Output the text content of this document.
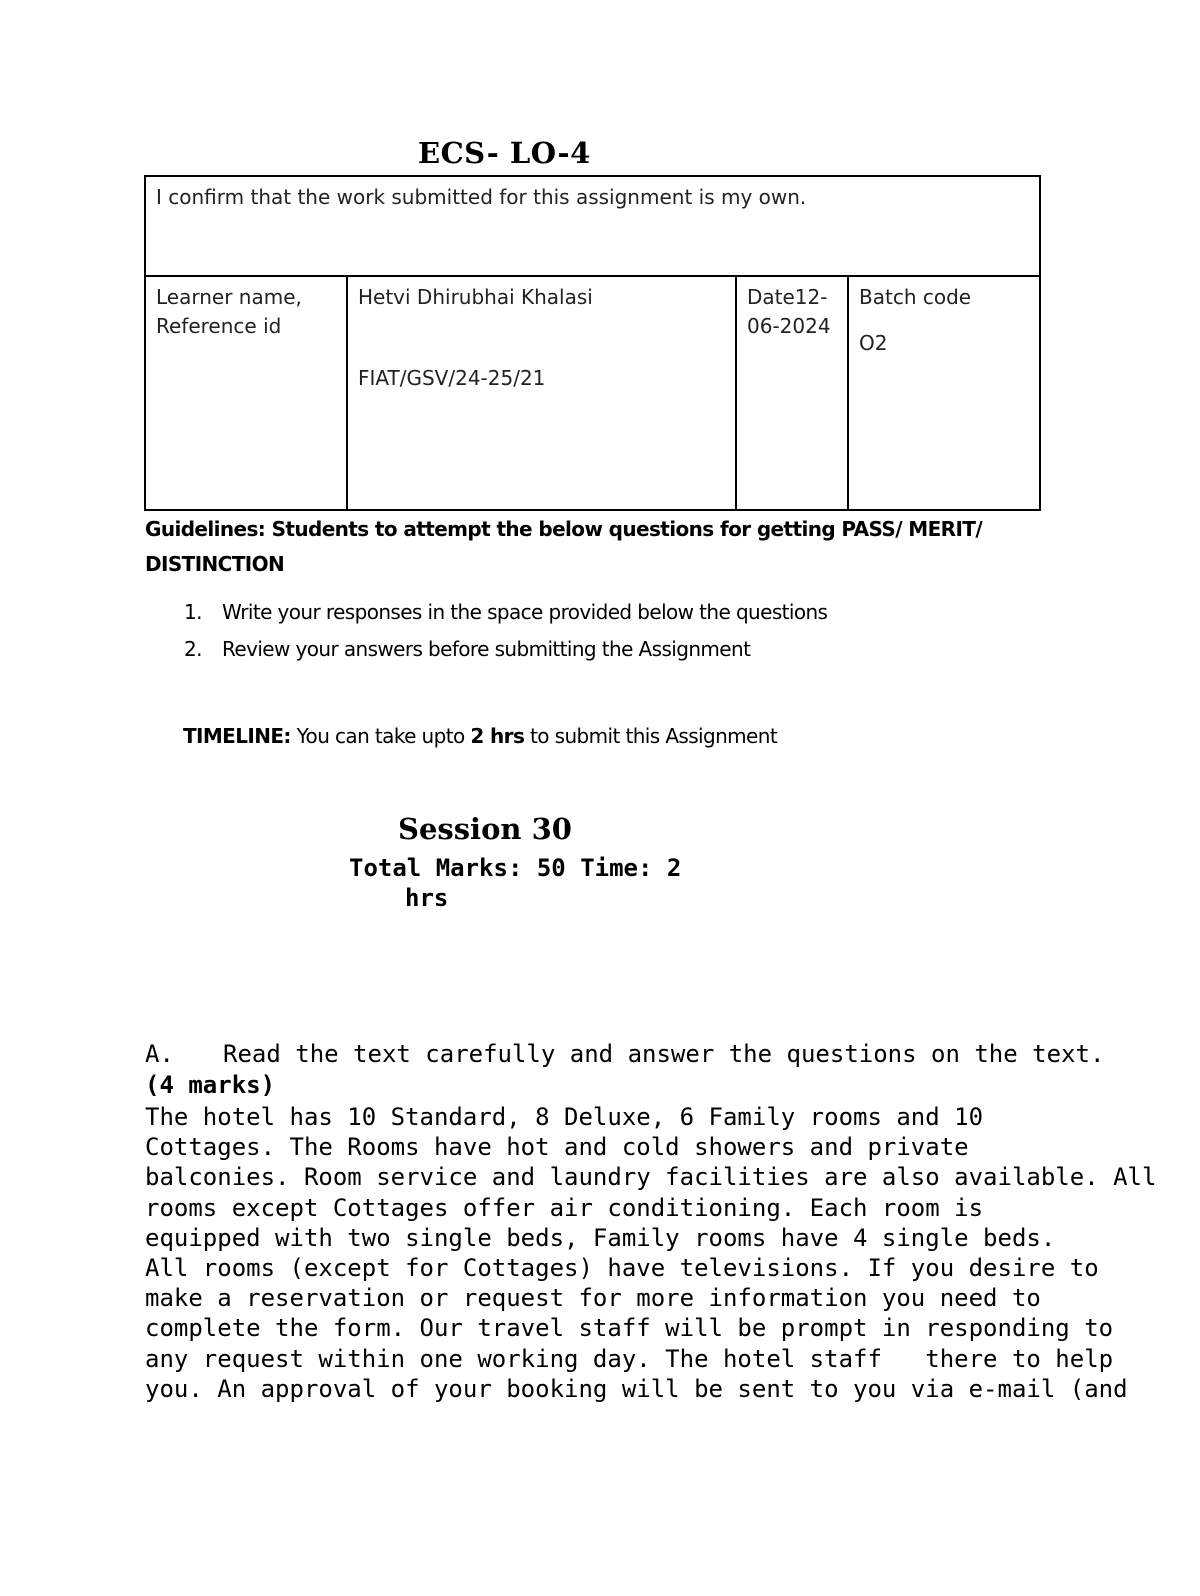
ECS- LO-4
I confirm that the work submitted for this assignment is my own.

Learner name,
Reference id

Hetvi Dhirubhai Khalasi
FIAT/GSV/24-25/21

Date12-
06-2024

Batch code
O2
Guidelines: Students to attempt the below questions for getting PASS/ MERIT/ DISTINCTION
1. Write your responses in the space provided below the questions
2. Review your answers before submitting the Assignment
TIMELINE: You can take upto 2 hrs to submit this Assignment
Session 30
Total Marks: 50 Time: 2
hrs
A. Read the text carefully and answer the questions on the text.
(4 marks)
The hotel has 10 Standard, 8 Deluxe, 6 Family rooms and 10
Cottages. The Rooms have hot and cold showers and private
balconies. Room service and laundry facilities are also available. All
rooms except Cottages offer air conditioning. Each room is
equipped with two single beds, Family rooms have 4 single beds.
All rooms (except for Cottages) have televisions. If you desire to
make a reservation or request for more information you need to
complete the form. Our travel staff will be prompt in responding to
any request within one working day. The hotel staff   there to help
you. An approval of your booking will be sent to you via e-mail (and
